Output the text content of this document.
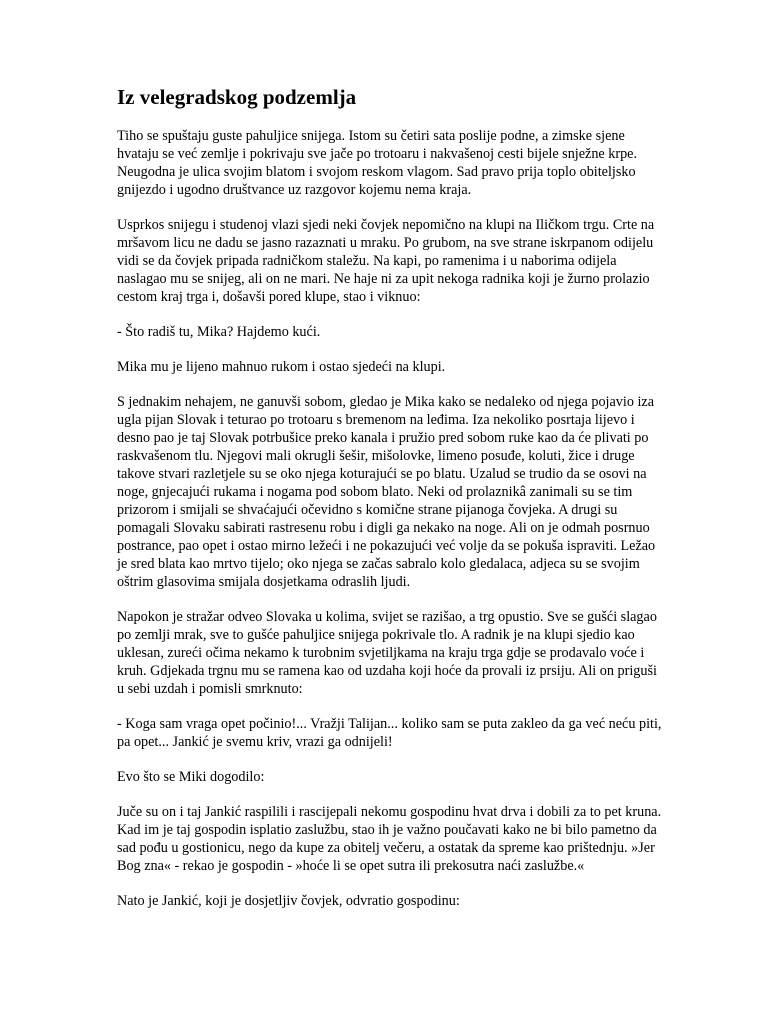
Iz velegradskog podzemlja

Tiho se spuštaju guste pahuljice snijega. Istom su četiri sata poslije podne, a zimske sjene hvataju se već zemlje i pokrivaju sve jače po trotoaru i nakvašenoj cesti bijele snježne krpe. Neugodna je ulica svojim blatom i svojom reskom vlagom. Sad pravo prija toplo obiteljsko gnijezdo i ugodno društvance uz razgovor kojemu nema kraja.

Usprkos snijegu i studenoj vlazi sjedi neki čovjek nepomično na klupi na Iličkom trgu. Crte na mršavom licu ne dadu se jasno razaznati u mraku. Po grubom, na sve strane iskrpanom odijelu vidi se da čovjek pripada radničkom staležu. Na kapi, po ramenima i u naborima odijela naslagao mu se snijeg, ali on ne mari. Ne haje ni za upit nekoga radnika koji je žurno prolazio cestom kraj trga i, došavši pored klupe, stao i viknuo:

- Što radiš tu, Mika? Hajdemo kući.

Mika mu je lijeno mahnuo rukom i ostao sjedeći na klupi.

S jednakim nehajem, ne ganuvši sobom, gledao je Mika kako se nedaleko od njega pojavio iza ugla pijan Slovak i teturao po trotoaru s bremenom na leđima. Iza nekoliko posrtaja lijevo i desno pao je taj Slovak potrbušice preko kanala i pružio pred sobom ruke kao da će plivati po raskvašenom tlu. Njegovi mali okrugli šešir, mišolovke, limeno posuđe, koluti, žice i druge takove stvari razletjele su se oko njega koturajući se po blatu. Uzalud se trudio da se osovi na noge, gnjecajući rukama i nogama pod sobom blato. Neki od prolaznikâ zanimali su se tim prizorom i smijali se shvaćajući očevidno s komične strane pijanoga čovjeka. A drugi su pomagali Slovaku sabirati rastresenu robu i digli ga nekako na noge. Ali on je odmah posrnuo postrance, pao opet i ostao mirno ležeći i ne pokazujući već volje da se pokuša ispraviti. Ležao je sred blata kao mrtvo tijelo; oko njega se začas sabralo kolo gledalaca, adjeca su se svojim oštrim glasovima smijala dosjetkama odraslih ljudi.

Napokon je stražar odveo Slovaka u kolima, svijet se razišao, a trg opustio. Sve se gušći slagao po zemlji mrak, sve to gušće pahuljice snijega pokrivale tlo. A radnik je na klupi sjedio kao uklesan, zureći očima nekamo k turobnim svjetiljkama na kraju trga gdje se prodavalo voće i kruh. Gdjekada trgnu mu se ramena kao od uzdaha koji hoće da provali iz prsiju. Ali on priguši u sebi uzdah i pomisli smrknuto:

- Koga sam vraga opet počinio!... Vražji Talijan... koliko sam se puta zakleo da ga već neću piti, pa opet... Jankić je svemu kriv, vrazi ga odnijeli!

Evo što se Miki dogodilo:

Juče su on i taj Jankić raspilili i rascijepali nekomu gospodinu hvat drva i dobili za to pet kruna. Kad im je taj gospodin isplatio zaslužbu, stao ih je važno poučavati kako ne bi bilo pametno da sad pođu u gostionicu, nego da kupe za obitelj večeru, a ostatak da spreme kao prištednju. »Jer Bog zna« - rekao je gospodin - »hoće li se opet sutra ili prekosutra naći zaslužbe.«

Nato je Jankić, koji je dosjetljiv čovjek, odvratio gospodinu:
